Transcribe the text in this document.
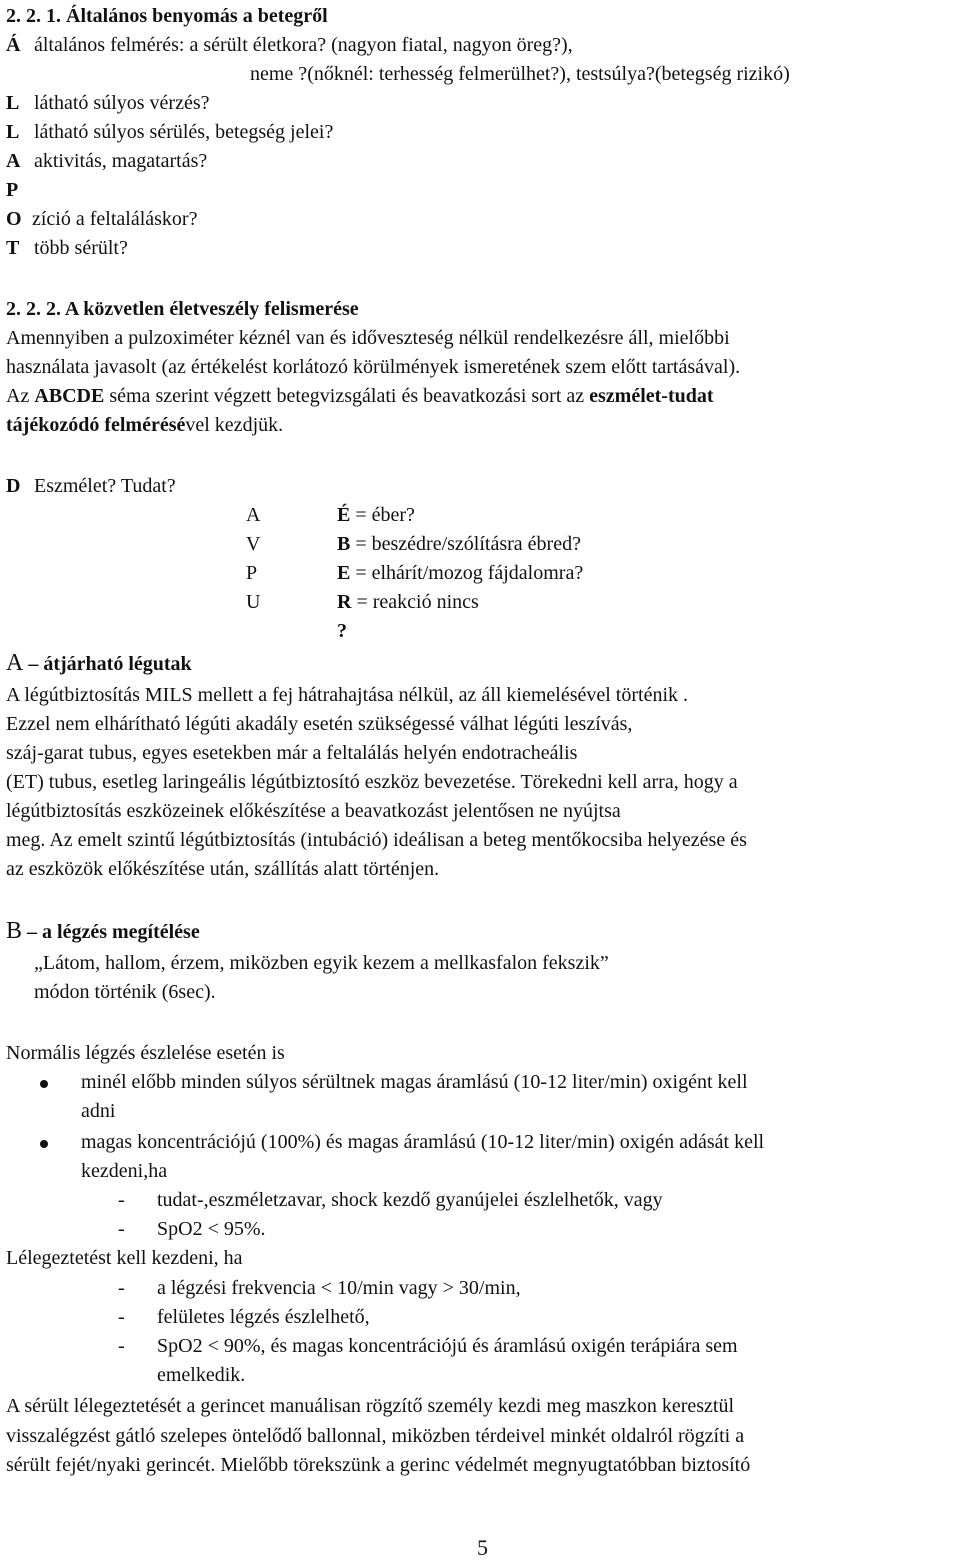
2. 2. 1. Általános benyomás a betegről
Á általános felmérés: a sérült életkora? (nagyon fiatal, nagyon öreg?),
neme ?(nőknél: terhesség felmerülhet?), testsúlya?(betegség rizikó)
L látható súlyos vérzés?
L látható súlyos sérülés, betegség jelei?
A aktivitás, magatartás?
P
O zíció a feltaláláskor?
T több sérült?
2. 2. 2. A közvetlen életveszély felismerése
Amennyiben a pulzoximéter kéznél van és időveszteség nélkül rendelkezésre áll, mielőbbi
használata javasolt (az értékelést korlátozó körülmények ismeretének szem előtt tartásával).
Az ABCDE séma szerint végzett betegvizsgálati és beavatkozási sort az eszmélet-tudat
tájékozódó felmérésével kezdjük.
D Eszmélet? Tudat?
A	É = éber?
V	B = beszédre/szólításra ébred?
P	E = elhárít/mozog fájdalomra?
U	R = reakció nincs
?
A – átjárható légutak
A légútbiztosítás MILS mellett a fej hátrahajtása nélkül, az áll kiemelésével történik .
Ezzel nem elhárítható légúti akadály esetén szükségessé válhat légúti leszívás,
száj-garat tubus, egyes esetekben már a feltalálás helyén endotracheális
(ET) tubus, esetleg laringeális légútbiztosító eszköz bevezetése. Törekedni kell arra, hogy a
légútbiztosítás eszközeinek előkészítése a beavatkozást jelentősen ne nyújtsa
meg. Az emelt szintű légútbiztosítás (intubáció) ideálisan a beteg mentőkocsiba helyezése és
az eszközök előkészítése után, szállítás alatt történjen.
B – a légzés megítélése
„Látom, hallom, érzem, miközben egyik kezem a mellkasfalon fekszik”
módon történik (6sec).
Normális légzés észlelése esetén is
minél előbb minden súlyos sérültnek magas áramlású (10-12 liter/min) oxigént kell
adni
magas koncentrációjú (100%) és magas áramlású (10-12 liter/min) oxigén adását kell
kezdeni,ha
- tudat-,eszméletzavar, shock kezdő gyanújelei észlelhetők, vagy
- SpO2 < 95%.
Lélegeztetést kell kezdeni, ha
- a légzési frekvencia < 10/min vagy > 30/min,
- felületes légzés észlelhető,
- SpO2 < 90%, és magas koncentrációjú és áramlású oxigén terápiára sem
emelkedik.
A sérült lélegeztetését a gerincet manuálisan rögzítő személy kezdi meg maszkon keresztül
visszalégzést gátló szelepes öntelődő ballonnal, miközben térdeivel minkét oldalról rögzíti a
sérült fejét/nyaki gerincét. Mielőbb törekszünk a gerinc védelmét megnyugtatóbban biztosító
5
